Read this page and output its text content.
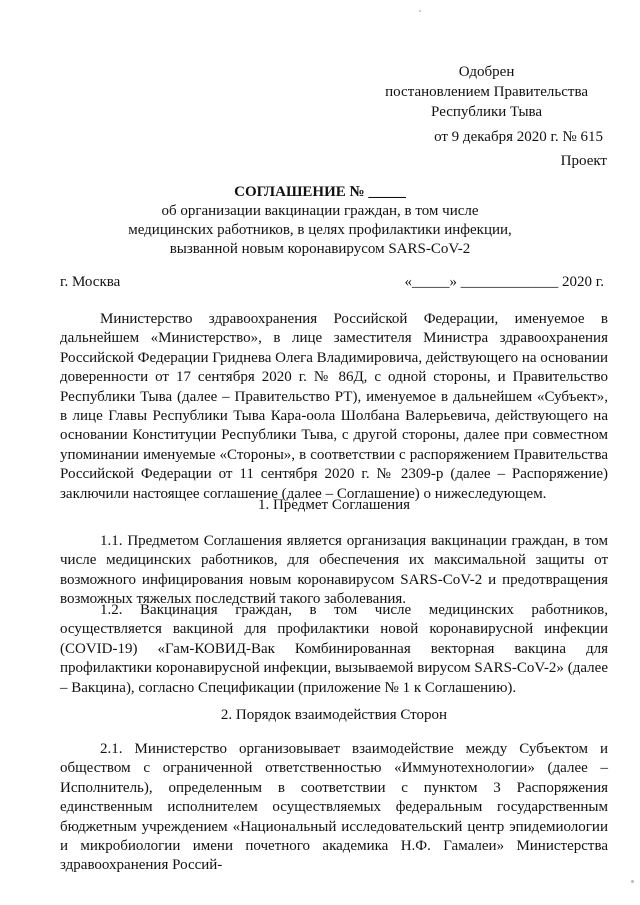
Одобрен
постановлением Правительства
Республики Тыва
от 9 декабря 2020 г. № 615
Проект
СОГЛАШЕНИЕ № _____
об организации вакцинации граждан, в том числе
медицинских работников, в целях профилактики инфекции,
вызванной новым коронавирусом SARS-CoV-2
г. Москва	«_____» _____________ 2020 г.

Министерство здравоохранения Российской Федерации, именуемое в дальнейшем «Министерство», в лице заместителя Министра здравоохранения Российской Федерации Гриднева Олега Владимировича, действующего на основании доверенности от 17 сентября 2020 г. № 86Д, с одной стороны, и Правительство Республики Тыва (далее – Правительство РТ), именуемое в дальнейшем «Субъект», в лице Главы Республики Тыва Кара-оола Шолбана Валерьевича, действующего на основании Конституции Республики Тыва, с другой стороны, далее при совместном упоминании именуемые «Стороны», в соответствии с распоряжением Правительства Российской Федерации от 11 сентября 2020 г. № 2309-р (далее – Распоряжение) заключили настоящее соглашение (далее – Соглашение) о нижеследующем.

1. Предмет Соглашения

1.1. Предметом Соглашения является организация вакцинации граждан, в том числе медицинских работников, для обеспечения их максимальной защиты от возможного инфицирования новым коронавирусом SARS-CoV-2 и предотвращения возможных тяжелых последствий такого заболевания.

1.2. Вакцинация граждан, в том числе медицинских работников, осуществляется вакциной для профилактики новой коронавирусной инфекции (COVID-19) «Гам-КОВИД-Вак Комбинированная векторная вакцина для профилактики коронавирусной инфекции, вызываемой вирусом SARS-CoV-2» (далее – Вакцина), согласно Спецификации (приложение № 1 к Соглашению).

2. Порядок взаимодействия Сторон

2.1. Министерство организовывает взаимодействие между Субъектом и обществом с ограниченной ответственностью «Иммунотехнологии» (далее – Исполнитель), определенным в соответствии с пунктом 3 Распоряжения единственным исполнителем осуществляемых федеральным государственным бюджетным учреждением «Национальный исследовательский центр эпидемиологии и микробиологии имени почетного академика Н.Ф. Гамалеи» Министерства здравоохранения Россий-
